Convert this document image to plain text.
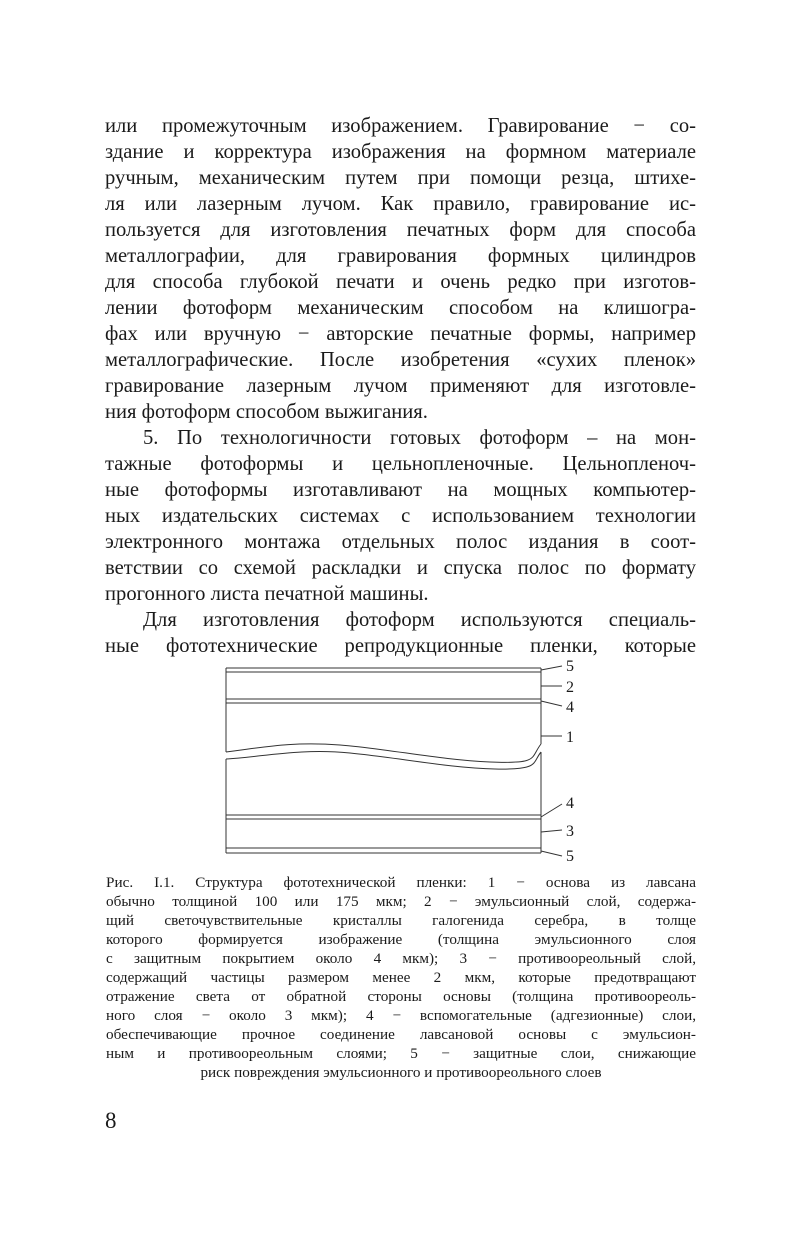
или промежуточным изображением. Гравирование − со-
здание и корректура изображения на формном материале
ручным, механическим путем при помощи резца, штихе-
ля или лазерным лучом. Как правило, гравирование ис-
пользуется для изготовления печатных форм для способа
металлографии, для гравирования формных цилиндров
для способа глубокой печати и очень редко при изготов-
лении фотоформ механическим способом на клишогра-
фах или вручную − авторские печатные формы, например
металлографические. После изобретения «сухих пленок»
гравирование лазерным лучом применяют для изготовле-
ния фотоформ способом выжигания.
5. По технологичности готовых фотоформ – на мон-
тажные фотоформы и цельнопленочные. Цельнопленоч-
ные фотоформы изготавливают на мощных компьютер-
ных издательских системах с использованием технологии
электронного монтажа отдельных полос издания в соот-
ветствии со схемой раскладки и спуска полос по формату
прогонного листа печатной машины.
Для изготовления фотоформ используются специаль-
ные фототехнические репродукционные пленки, которые
5
2
4
1
4
3
5
Рис. I.1. Структура фототехнической пленки: 1 − основа из лавсана
обычно толщиной 100 или 175 мкм; 2 − эмульсионный слой, содержа-
щий светочувствительные кристаллы галогенида серебра, в толще
которого формируется изображение (толщина эмульсионного слоя
с защитным покрытием около 4 мкм); 3 − противоореольный слой,
содержащий частицы размером менее 2 мкм, которые предотвращают
отражение света от обратной стороны основы (толщина противоореоль-
ного слоя − около 3 мкм); 4 − вспомогательные (адгезионные) слои,
обеспечивающие прочное соединение лавсановой основы с эмульсион-
ным и противоореольным слоями; 5 − защитные слои, снижающие
риск повреждения эмульсионного и противоореольного слоев
8
